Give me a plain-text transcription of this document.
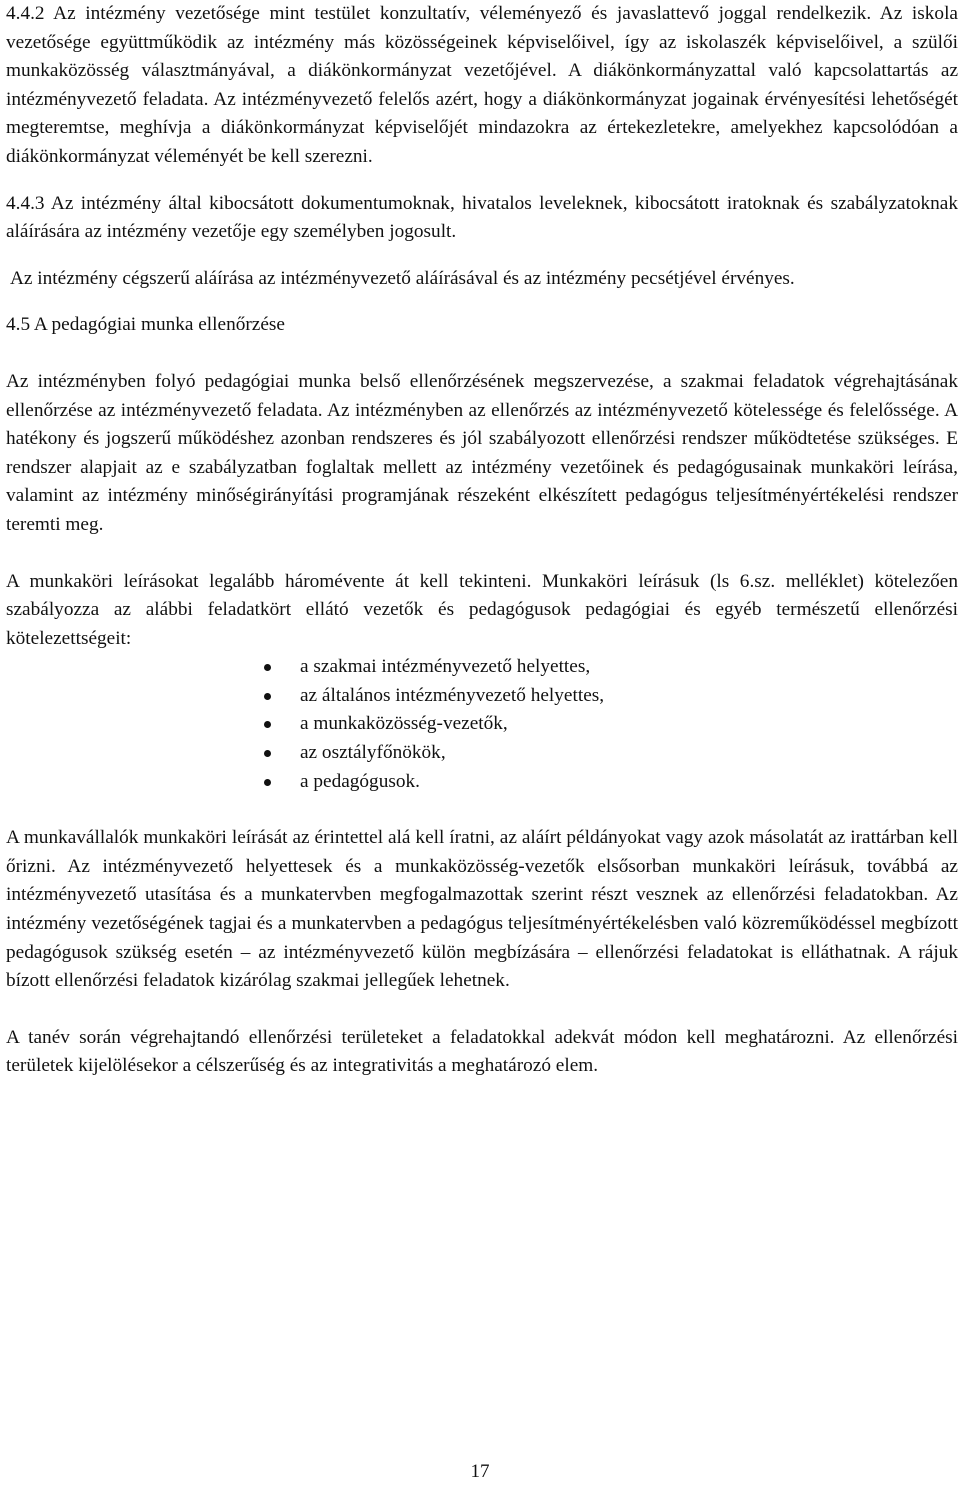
4.4.2 Az intézmény vezetősége mint testület konzultatív, véleményező és javaslattevő joggal rendelkezik. Az iskola vezetősége együttműködik az intézmény más közösségeinek képviselőivel, így az iskolaszék képviselőivel, a szülői munkaközösség választmányával, a diákönkormányzat vezetőjével. A diákönkormányzattal való kapcsolattartás az intézményvezető feladata. Az intézményvezető felelős azért, hogy a diákönkormányzat jogainak érvényesítési lehetőségét megteremtse, meghívja a diákönkormányzat képviselőjét mindazokra az értekezletekre, amelyekhez kapcsolódóan a diákönkormányzat véleményét be kell szerezni.

4.4.3 Az intézmény által kibocsátott dokumentumoknak, hivatalos leveleknek, kibocsátott iratoknak és szabályzatoknak aláírására az intézmény vezetője egy személyben jogosult.

Az intézmény cégszerű aláírása az intézményvezető aláírásával és az intézmény pecsétjével érvényes.

4.5 A pedagógiai munka ellenőrzése

Az intézményben folyó pedagógiai munka belső ellenőrzésének megszervezése, a szakmai feladatok végrehajtásának ellenőrzése az intézményvezető feladata. Az intézményben az ellenőrzés az intézményvezető kötelessége és felelőssége. A hatékony és jogszerű működéshez azonban rendszeres és jól szabályozott ellenőrzési rendszer működtetése szükséges. E rendszer alapjait az e szabályzatban foglaltak mellett az intézmény vezetőinek és pedagógusainak munkaköri leírása, valamint az intézmény minőségirányítási programjának részeként elkészített pedagógus teljesítményértékelési rendszer teremti meg.

A munkaköri leírásokat legalább háromévente át kell tekinteni. Munkaköri leírásuk (ls 6.sz. melléklet) kötelezően szabályozza az alábbi feladatkört ellátó vezetők és pedagógusok pedagógiai és egyéb természetű ellenőrzési kötelezettségeit:

a szakmai intézményvezető helyettes,
az általános intézményvezető helyettes,
a munkaközösség-vezetők,
az osztályfőnökök,
a pedagógusok.

A munkavállalók munkaköri leírását az érintettel alá kell íratni, az aláírt példányokat vagy azok másolatát az irattárban kell őrizni. Az intézményvezető helyettesek és a munkaközösség-vezetők elsősorban munkaköri leírásuk, továbbá az intézményvezető utasítása és a munkatervben megfogalmazottak szerint részt vesznek az ellenőrzési feladatokban. Az intézmény vezetőségének tagjai és a munkatervben a pedagógus teljesítményértékelésben való közreműködéssel megbízott pedagógusok szükség esetén – az intézményvezető külön megbízására – ellenőrzési feladatokat is elláthatnak. A rájuk bízott ellenőrzési feladatok kizárólag szakmai jellegűek lehetnek.

A tanév során végrehajtandó ellenőrzési területeket a feladatokkal adekvát módon kell meghatározni. Az ellenőrzési területek kijelölésekor a célszerűség és az integrativitás a meghatározó elem.

17
